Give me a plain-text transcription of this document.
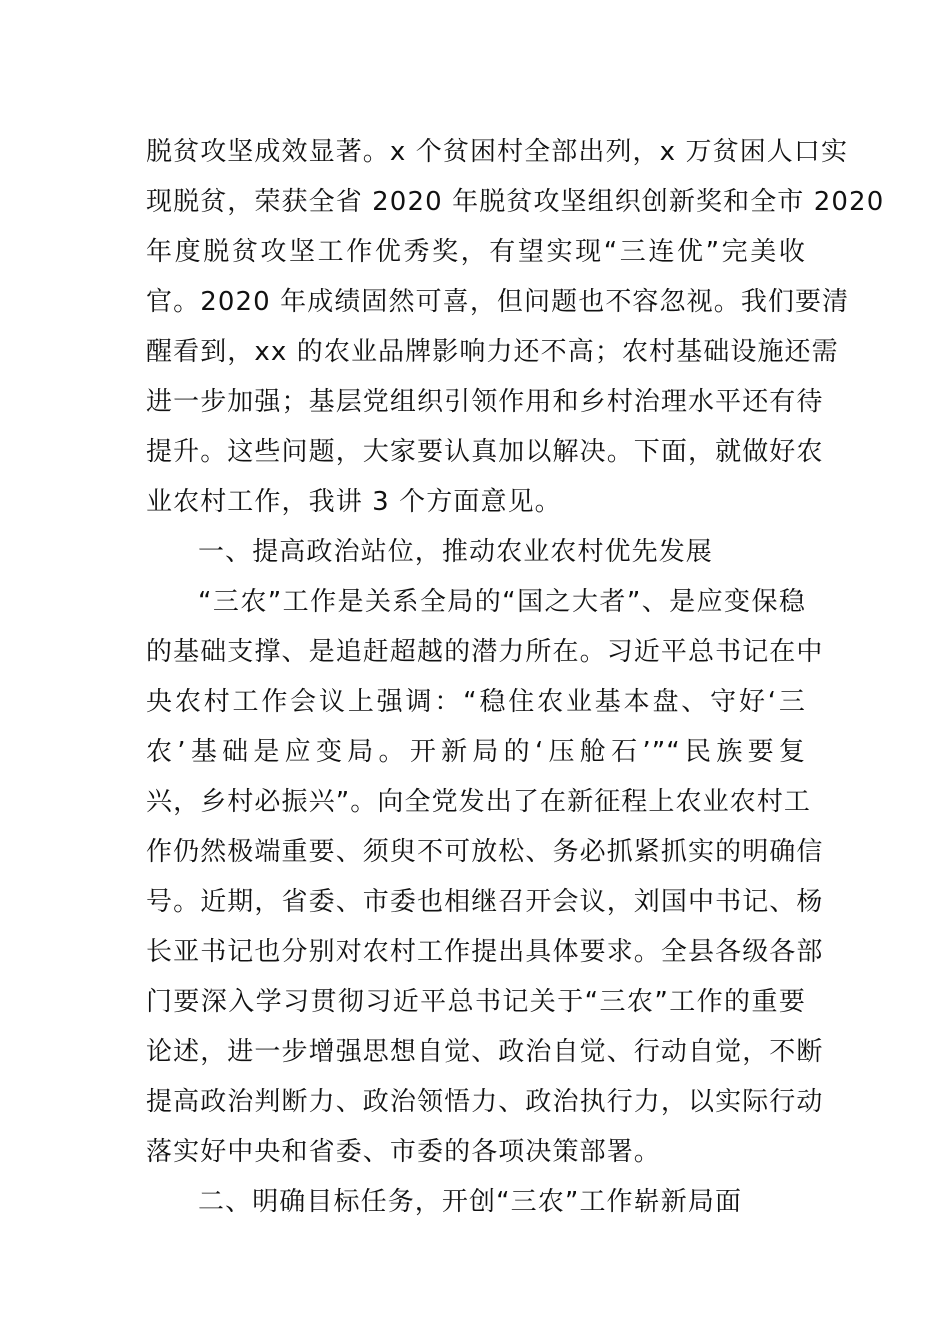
脱贫攻坚成效显著。x 个贫困村全部出列，x 万贫困人口实
现脱贫，荣获全省 2020 年脱贫攻坚组织创新奖和全市 2020
年度脱贫攻坚工作优秀奖，有望实现“三连优”完美收
官。2020 年成绩固然可喜，但问题也不容忽视。我们要清
醒看到，xx 的农业品牌影响力还不高；农村基础设施还需
进一步加强；基层党组织引领作用和乡村治理水平还有待
提升。这些问题，大家要认真加以解决。下面，就做好农
业农村工作，我讲 3 个方面意见。
一、提高政治站位，推动农业农村优先发展
“三农”工作是关系全局的“国之大者”、是应变保稳
的基础支撑、是追赶超越的潜力所在。习近平总书记在中
央农村工作会议上强调：“稳住农业基本盘、守好‘三
农’基础是应变局。开新局的‘压舱石’”“民族要复
兴，乡村必振兴”。向全党发出了在新征程上农业农村工
作仍然极端重要、须臾不可放松、务必抓紧抓实的明确信
号。近期，省委、市委也相继召开会议，刘国中书记、杨
长亚书记也分别对农村工作提出具体要求。全县各级各部
门要深入学习贯彻习近平总书记关于“三农”工作的重要
论述，进一步增强思想自觉、政治自觉、行动自觉，不断
提高政治判断力、政治领悟力、政治执行力，以实际行动
落实好中央和省委、市委的各项决策部署。
二、明确目标任务，开创“三农”工作崭新局面
